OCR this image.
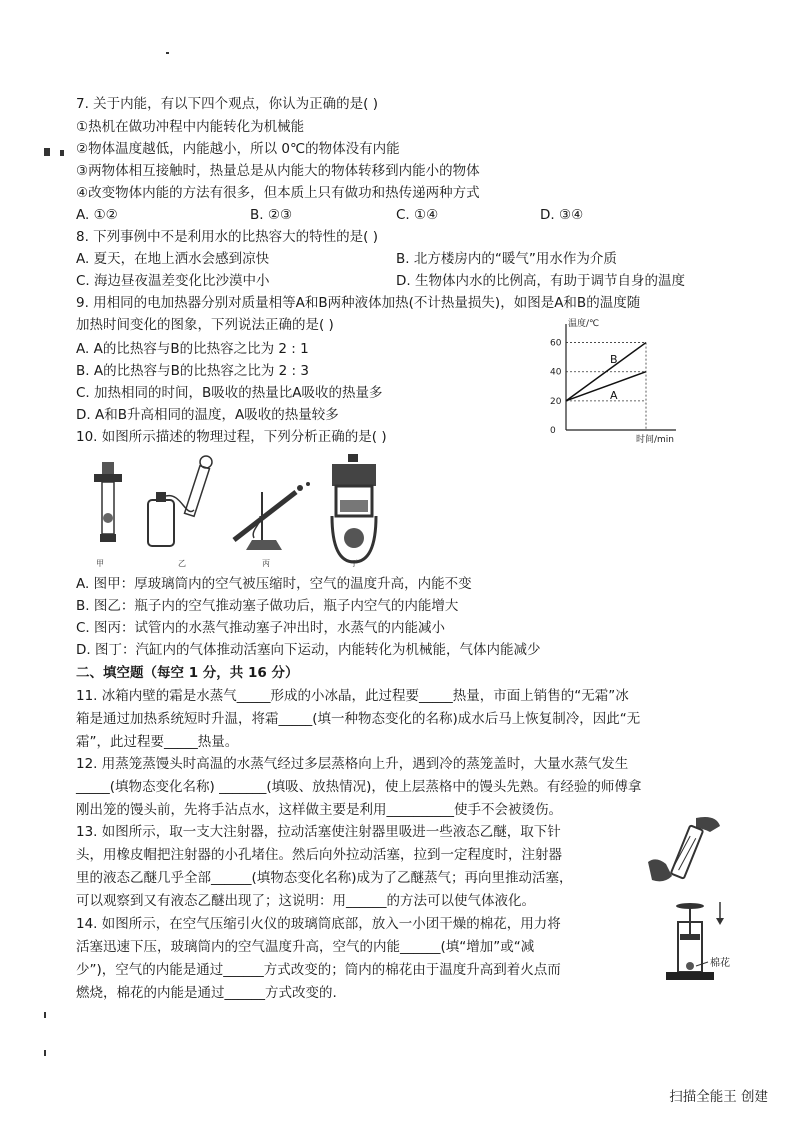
7. 关于内能，有以下四个观点，你认为正确的是( )
①热机在做功冲程中内能转化为机械能
②物体温度越低，内能越小，所以 0℃的物体没有内能
③两物体相互接触时，热量总是从内能大的物体转移到内能小的物体
④改变物体内能的方法有很多，但本质上只有做功和热传递两种方式
A. ①②	B. ②③	C. ①④	D. ③④
8. 下列事例中不是利用水的比热容大的特性的是( )
A. 夏天，在地上洒水会感到凉快	B. 北方楼房内的“暖气”用水作为介质
C. 海边昼夜温差变化比沙漠中小	D. 生物体内水的比例高，有助于调节自身的温度
9. 用相同的电加热器分别对质量相等A和B两种液体加热(不计热量损失)，如图是A和B的温度随
加热时间变化的图象，下列说法正确的是( )
A. A的比热容与B的比热容之比为 2 : 1
B. A的比热容与B的比热容之比为 2 : 3
C. 加热相同的时间，B吸收的热量比A吸收的热量多
D. A和B升高相同的温度，A吸收的热量较多
温度/℃
时间/min
0
20
40
60
B
A
10. 如图所示描述的物理过程，下列分析正确的是( )
甲	乙	丙	丁
A. 图甲：厚玻璃筒内的空气被压缩时，空气的温度升高，内能不变
B. 图乙：瓶子内的空气推动塞子做功后，瓶子内空气的内能增大
C. 图丙：试管内的水蒸气推动塞子冲出时，水蒸气的内能减小
D. 图丁：汽缸内的气体推动活塞向下运动，内能转化为机械能，气体内能减少
二、填空题（每空 1 分，共 16 分）
11. 冰箱内壁的霜是水蒸气_____形成的小冰晶，此过程要_____热量，市面上销售的“无霜”冰
箱是通过加热系统短时升温，将霜_____(填一种物态变化的名称)成水后马上恢复制冷，因此“无
霜”，此过程要_____热量。
12. 用蒸笼蒸馒头时高温的水蒸气经过多层蒸格向上升，遇到冷的蒸笼盖时，大量水蒸气发生
_____(填物态变化名称) _______(填吸、放热情况)，使上层蒸格中的馒头先熟。有经验的师傅拿
刚出笼的馒头前，先将手沾点水，这样做主要是利用__________使手不会被烫伤。
13. 如图所示，取一支大注射器，拉动活塞使注射器里吸进一些液态乙醚，取下针
头，用橡皮帽把注射器的小孔堵住。然后向外拉动活塞，拉到一定程度时，注射器
里的液态乙醚几乎全部______(填物态变化名称)成为了乙醚蒸气；再向里推动活塞，
可以观察到又有液态乙醚出现了；这说明：用______的方法可以使气体液化。
14. 如图所示，在空气压缩引火仪的玻璃筒底部，放入一小团干燥的棉花，用力将
活塞迅速下压，玻璃筒内的空气温度升高，空气的内能______(填“增加”或“减
少”)，空气的内能是通过______方式改变的；筒内的棉花由于温度升高到着火点而
燃烧，棉花的内能是通过______方式改变的.
棉花
扫描全能王 创建
